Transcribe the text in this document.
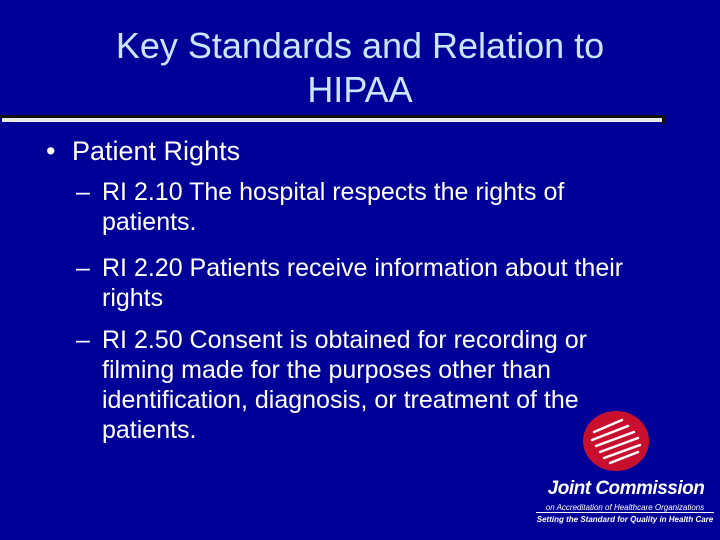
Key Standards and Relation to
HIPAA
• Patient Rights
– RI 2.10 The hospital respects the rights of
patients.
– RI 2.20 Patients receive information about their
rights
– RI 2.50 Consent is obtained for recording or
filming made for the purposes other than
identification, diagnosis, or treatment of the
patients.
Joint Commission
on Accreditation of Healthcare Organizations
Setting the Standard for Quality in Health Care
